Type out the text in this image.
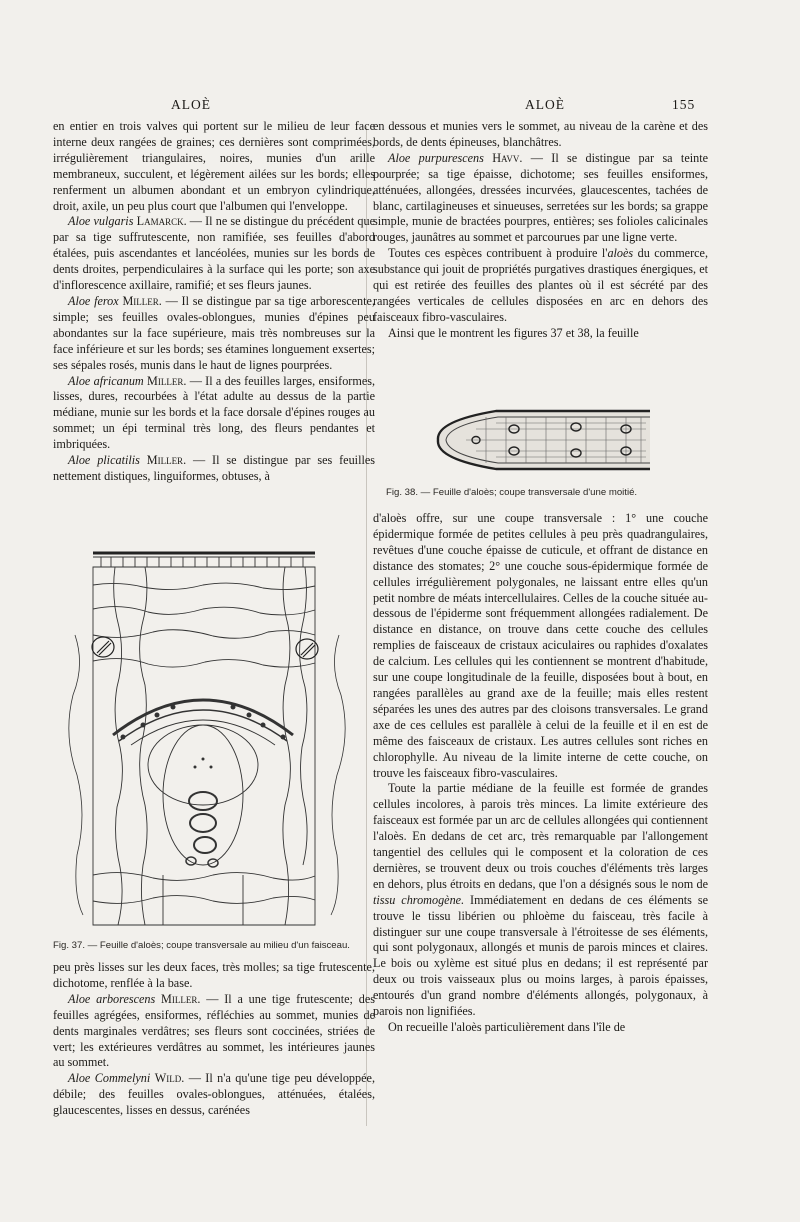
ALOÈ	ALOÈ	155

en entier en trois valves qui portent sur le milieu de leur face interne deux rangées de graines; ces dernières sont comprimées, irrégulièrement triangulaires, noires, munies d'un arille membraneux, succulent, et légèrement ailées sur les bords; elles renferment un albumen abondant et un embryon cylindrique, droit, axile, un peu plus court que l'albumen qui l'enveloppe.

Aloe vulgaris Lamarck. — Il ne se distingue du précédent que par sa tige suffrutescente, non ramifiée, ses feuilles d'abord étalées, puis ascendantes et lancéolées, munies sur les bords de dents droites, perpendiculaires à la surface qui les porte; son axe d'inflorescence axillaire, ramifié; et ses fleurs jaunes.

Aloe ferox Miller. — Il se distingue par sa tige arborescente, simple; ses feuilles ovales-oblongues, munies d'épines peu abondantes sur la face supérieure, mais très nombreuses sur la face inférieure et sur les bords; ses étamines longuement exsertes; ses sépales rosés, munis dans le haut de lignes pourprées.

Aloe africanum Miller. — Il a des feuilles larges, ensiformes, lisses, dures, recourbées à l'état adulte au dessus de la partie médiane, munie sur les bords et la face dorsale d'épines rouges au sommet; un épi terminal très long, des fleurs pendantes et imbriquées.

Aloe plicatilis Miller. — Il se distingue par ses feuilles nettement distiques, linguiformes, obtuses, à

Fig. 37. — Feuille d'aloès; coupe transversale au milieu d'un faisceau.

peu près lisses sur les deux faces, très molles; sa tige frutescente, dichotome, renflée à la base.

Aloe arborescens Miller. — Il a une tige frutescente; des feuilles agrégées, ensiformes, réfléchies au sommet, munies de dents marginales verdâtres; ses fleurs sont coccinées, striées de vert; les extérieures verdâtres au sommet, les intérieures jaunes au sommet.

Aloe Commelyni Wild. — Il n'a qu'une tige peu développée, débile; des feuilles ovales-oblongues, atténuées, étalées, glaucescentes, lisses en dessus, carénées

en dessous et munies vers le sommet, au niveau de la carène et des bords, de dents épineuses, blanchâtres.

Aloe purpurescens Havv. — Il se distingue par sa teinte pourprée; sa tige épaisse, dichotome; ses feuilles ensiformes, atténuées, allongées, dressées incurvées, glaucescentes, tachées de blanc, cartilagineuses et sinueuses, serretées sur les bords; sa grappe simple, munie de bractées pourpres, entières; ses folioles calicinales rouges, jaunâtres au sommet et parcourues par une ligne verte.

Toutes ces espèces contribuent à produire l'aloès du commerce, substance qui jouit de propriétés purgatives drastiques énergiques, et qui est retirée des feuilles des plantes où il est sécrété par des rangées verticales de cellules disposées en arc en dehors des faisceaux fibro-vasculaires.

Ainsi que le montrent les figures 37 et 38, la feuille

Fig. 38. — Feuille d'aloès; coupe transversale d'une moitié.

d'aloès offre, sur une coupe transversale : 1° une couche épidermique formée de petites cellules à peu près quadrangulaires, revêtues d'une couche épaisse de cuticule, et offrant de distance en distance des stomates; 2° une couche sous-épidermique formée de cellules irrégulièrement polygonales, ne laissant entre elles qu'un petit nombre de méats intercellulaires. Celles de la couche située au-dessous de l'épiderme sont fréquemment allongées radialement. De distance en distance, on trouve dans cette couche des cellules remplies de faisceaux de cristaux aciculaires ou raphides d'oxalates de calcium. Les cellules qui les contiennent se montrent d'habitude, sur une coupe longitudinale de la feuille, disposées bout à bout, en rangées parallèles au grand axe de la feuille; mais elles restent séparées les unes des autres par des cloisons transversales. Le grand axe de ces cellules est parallèle à celui de la feuille et il en est de même des faisceaux de cristaux. Les autres cellules sont riches en chlorophylle. Au niveau de la limite interne de cette couche, on trouve les faisceaux fibro-vasculaires.

Toute la partie médiane de la feuille est formée de grandes cellules incolores, à parois très minces. La limite extérieure des faisceaux est formée par un arc de cellules allongées qui contiennent l'aloès. En dedans de cet arc, très remarquable par l'allongement tangentiel des cellules qui le composent et la coloration de ces dernières, se trouvent deux ou trois couches d'éléments très larges en dehors, plus étroits en dedans, que l'on a désignés sous le nom de tissu chromogène. Immédiatement en dedans de ces éléments se trouve le tissu libérien ou phloème du faisceau, très facile à distinguer sur une coupe transversale à l'étroitesse de ses éléments, qui sont polygonaux, allongés et munis de parois minces et claires. Le bois ou xylème est situé plus en dedans; il est représenté par deux ou trois vaisseaux plus ou moins larges, à parois épaisses, entourés d'un grand nombre d'éléments allongés, polygonaux, à parois non lignifiées.

On recueille l'aloès particulièrement dans l'île de
